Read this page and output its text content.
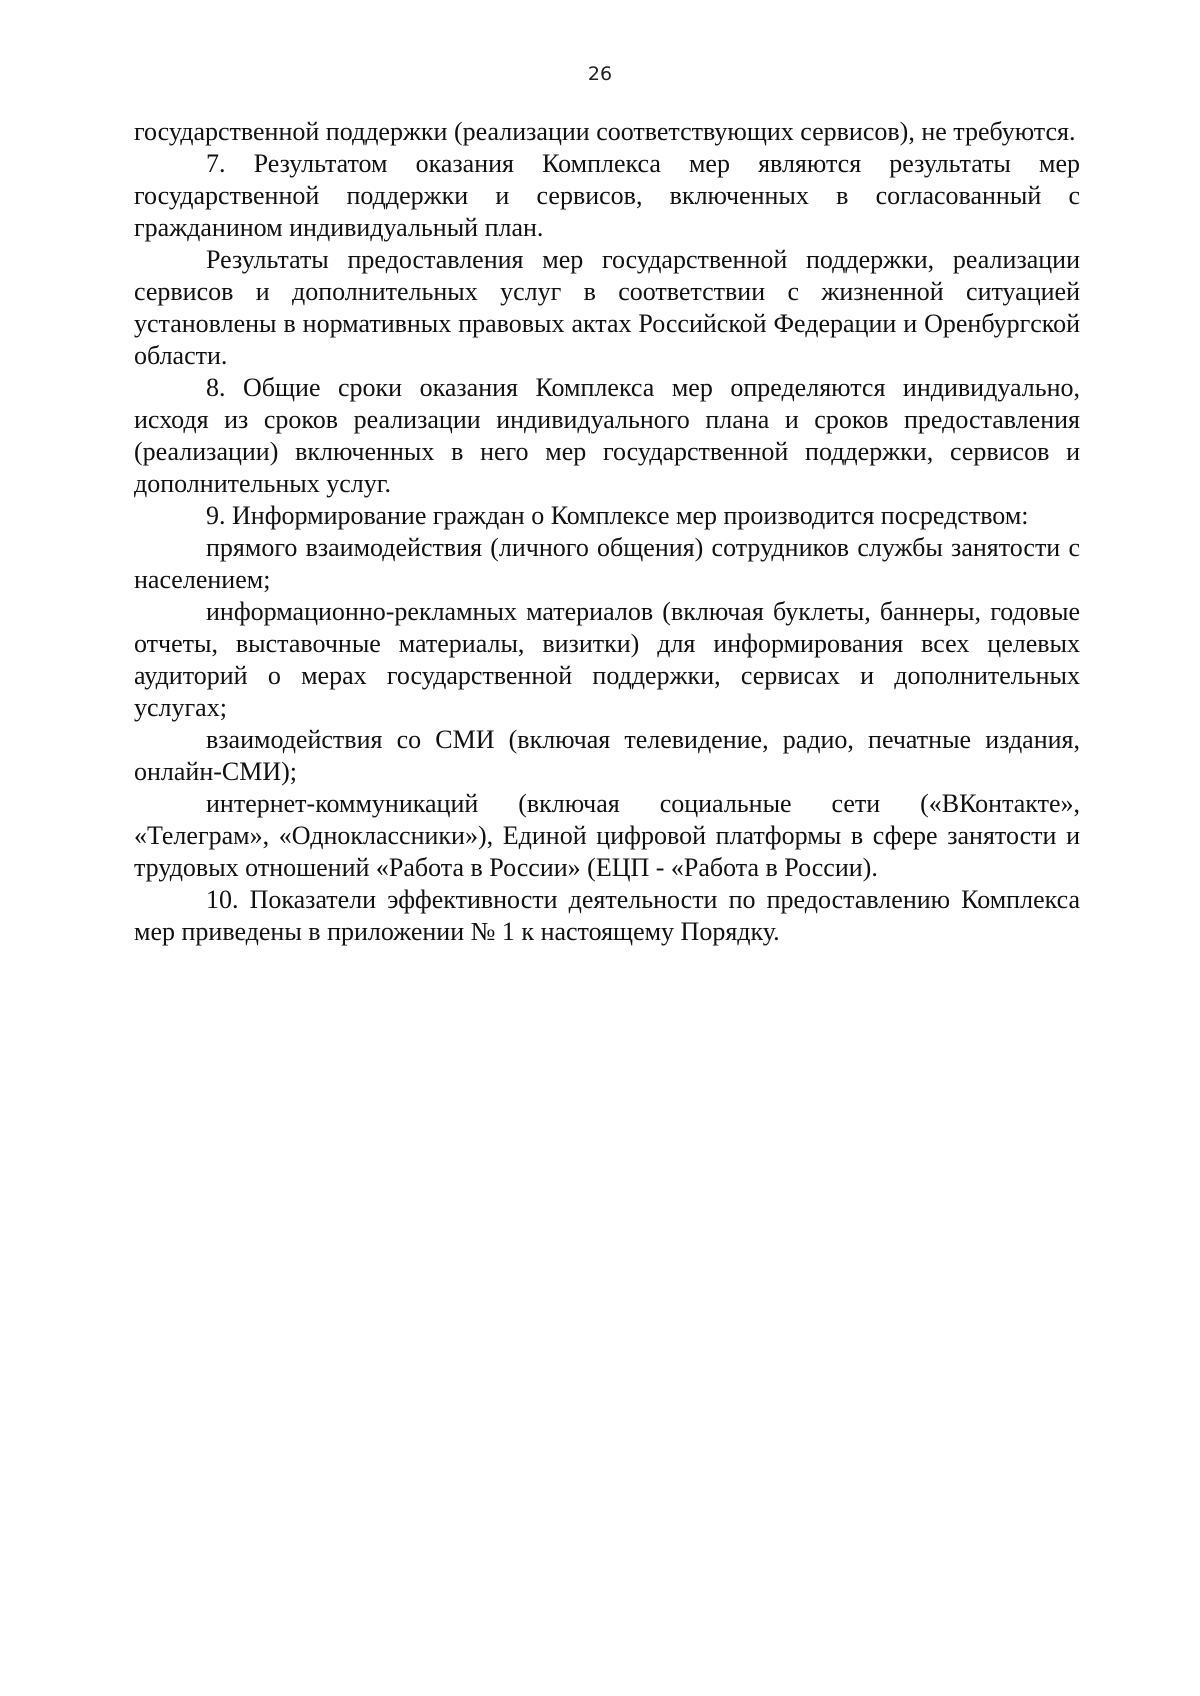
26

государственной поддержки (реализации соответствующих сервисов), не требуются.

7. Результатом оказания Комплекса мер являются результаты мер государственной поддержки и сервисов, включенных в согласованный с гражданином индивидуальный план.

Результаты предоставления мер государственной поддержки, реализации сервисов и дополнительных услуг в соответствии с жизненной ситуацией установлены в нормативных правовых актах Российской Федерации и Оренбургской области.

8. Общие сроки оказания Комплекса мер определяются индивидуально, исходя из сроков реализации индивидуального плана и сроков предоставления (реализации) включенных в него мер государственной поддержки, сервисов и дополнительных услуг.

9. Информирование граждан о Комплексе мер производится посредством:

прямого взаимодействия (личного общения) сотрудников службы занятости с населением;

информационно-рекламных материалов (включая буклеты, баннеры, годовые отчеты, выставочные материалы, визитки) для информирования всех целевых аудиторий о мерах государственной поддержки, сервисах и дополнительных услугах;

взаимодействия со СМИ (включая телевидение, радио, печатные издания, онлайн-СМИ);

интернет-коммуникаций (включая социальные сети («ВКонтакте», «Телеграм», «Одноклассники»), Единой цифровой платформы в сфере занятости и трудовых отношений «Работа в России» (ЕЦП - «Работа в России).

10. Показатели эффективности деятельности по предоставлению Комплекса мер приведены в приложении № 1 к настоящему Порядку.
